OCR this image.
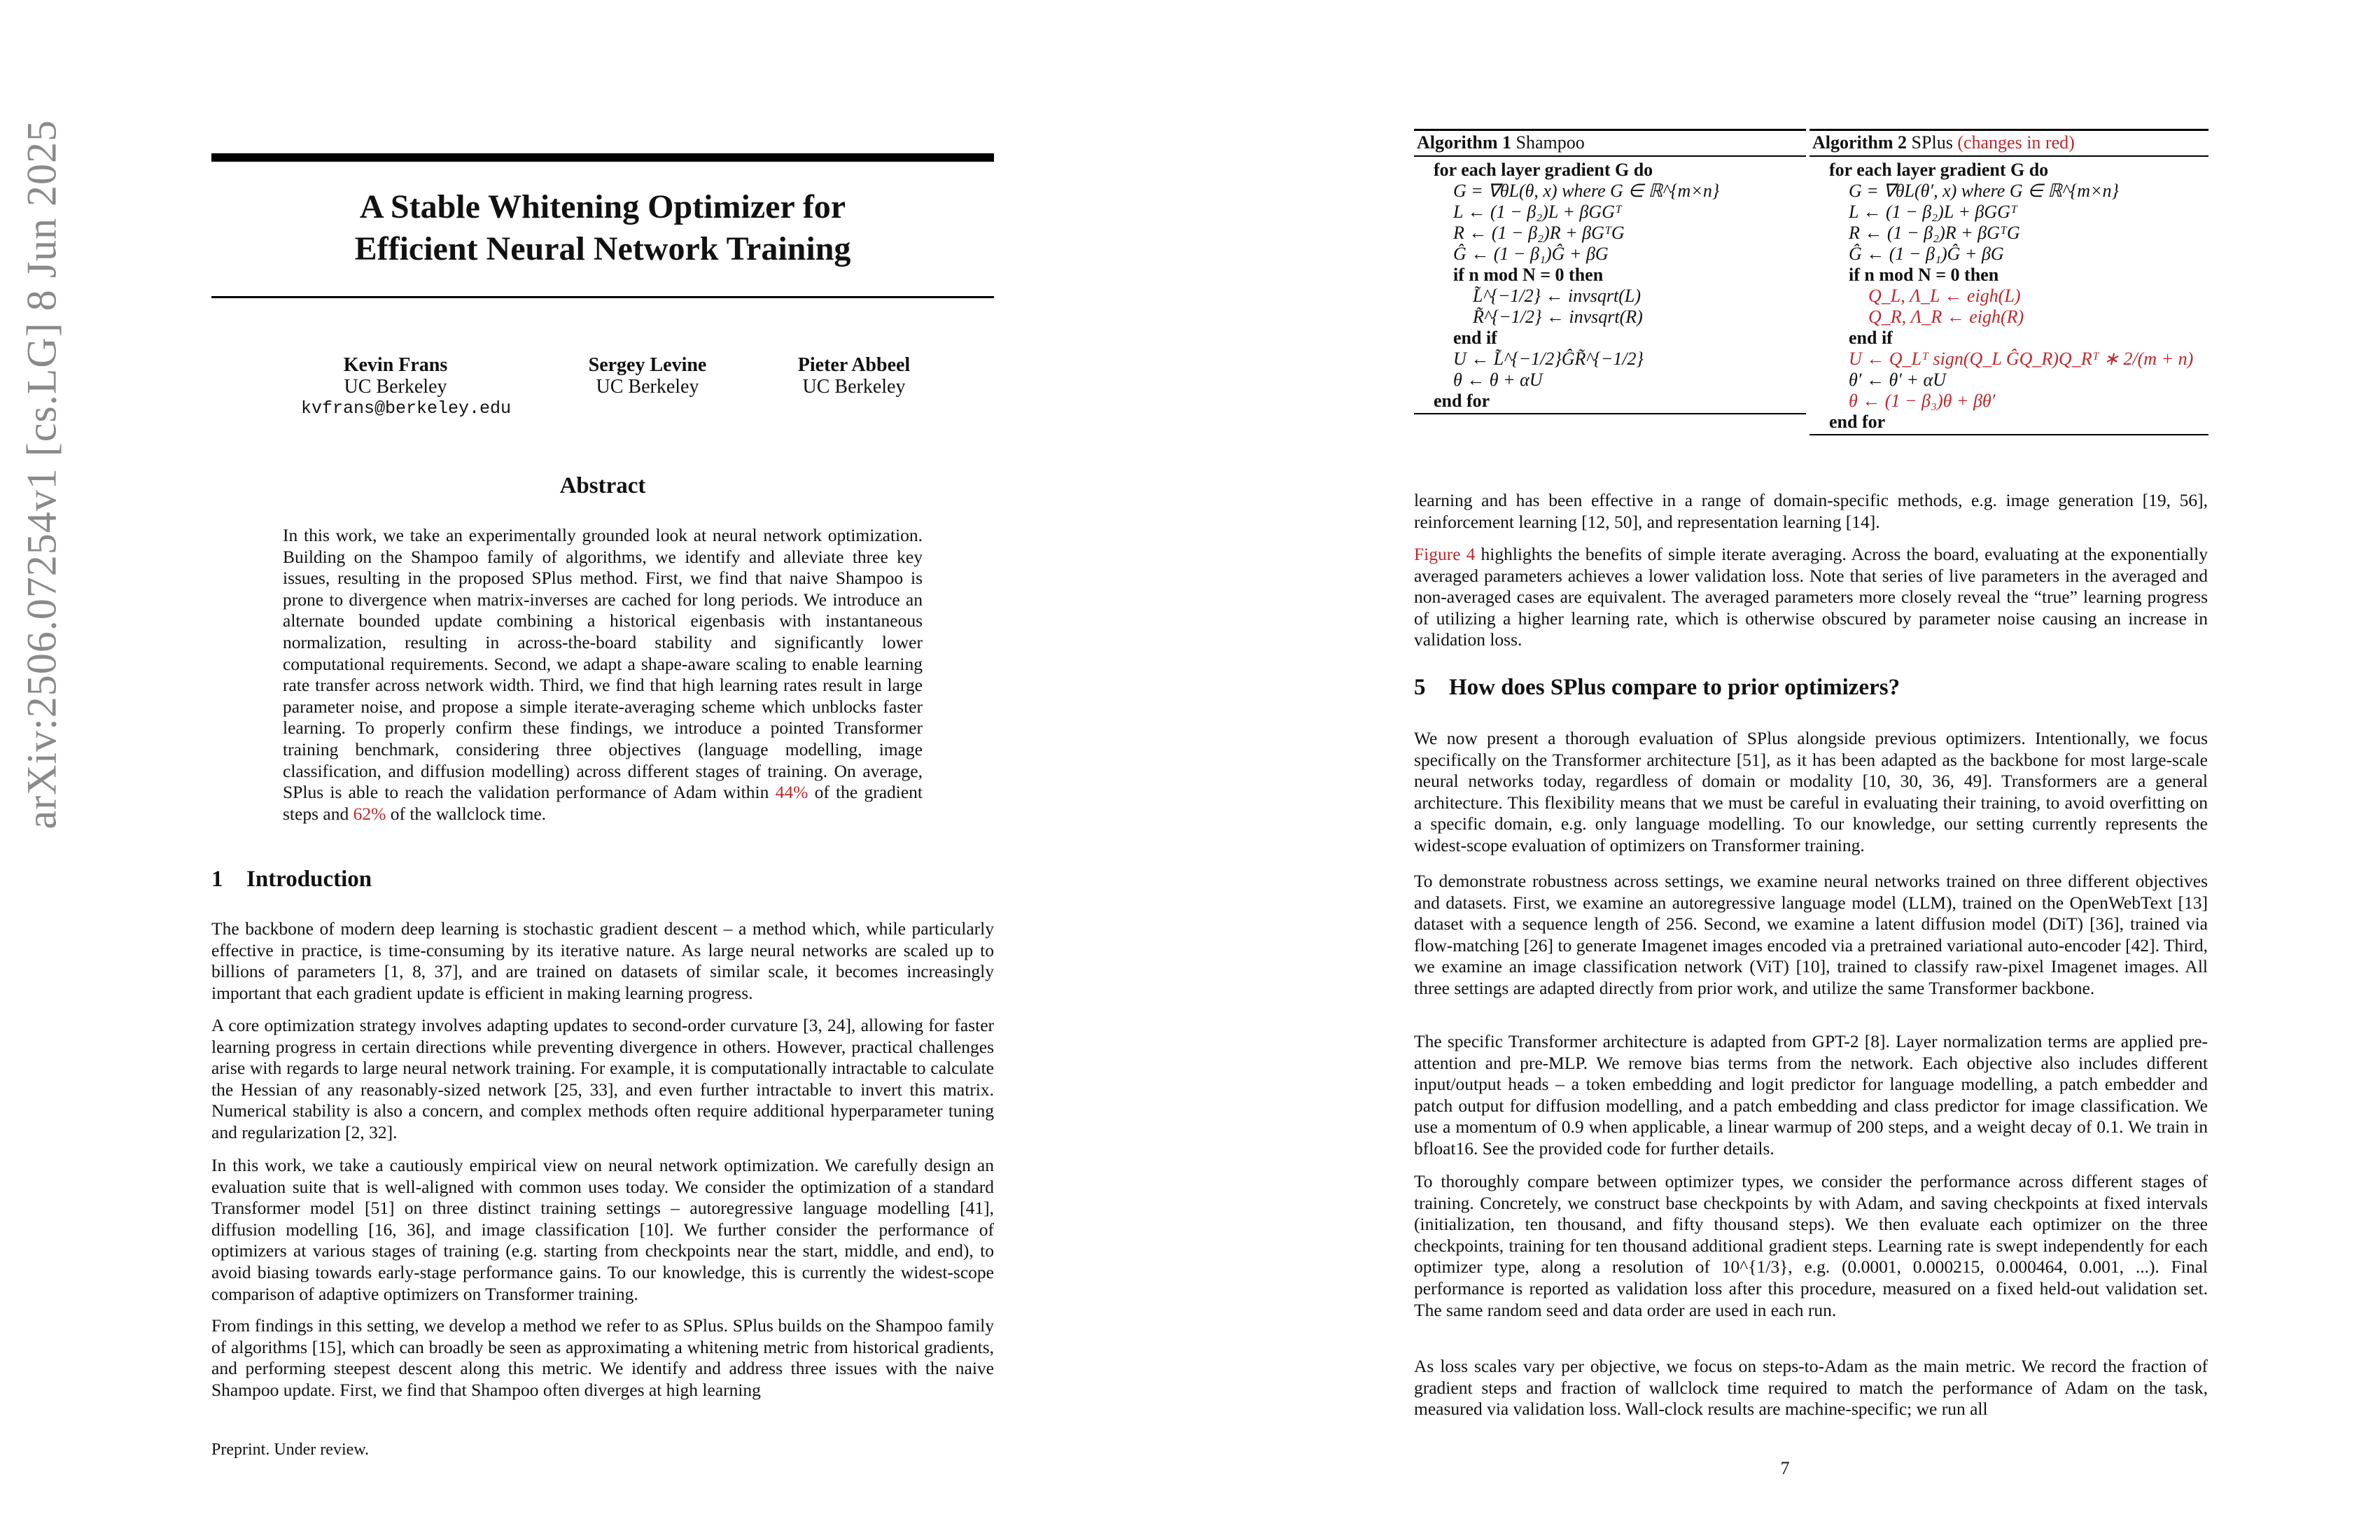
arXiv:2506.07254v1 [cs.LG] 8 Jun 2025	A Stable Whitening Optimizer for
Efficient Neural Network Training
Kevin Frans
UC Berkeley
kvfrans@berkeley.edu
Sergey Levine
UC Berkeley
Pieter Abbeel
UC Berkeley
Abstract
In this work, we take an experimentally grounded look at neural network optimization. Building on the Shampoo family of algorithms, we identify and alleviate three key issues, resulting in the proposed SPlus method. First, we find that naive Shampoo is prone to divergence when matrix-inverses are cached for long periods. We introduce an alternate bounded update combining a historical eigenbasis with instantaneous normalization, resulting in across-the-board stability and significantly lower computational requirements. Second, we adapt a shape-aware scaling to enable learning rate transfer across network width. Third, we find that high learning rates result in large parameter noise, and propose a simple iterate-averaging scheme which unblocks faster learning. To properly confirm these findings, we introduce a pointed Transformer training benchmark, considering three objectives (language modelling, image classification, and diffusion modelling) across different stages of training. On average, SPlus is able to reach the validation performance of Adam within 44% of the gradient steps and 62% of the wallclock time.
1 Introduction
The backbone of modern deep learning is stochastic gradient descent – a method which, while particularly effective in practice, is time-consuming by its iterative nature. As large neural networks are scaled up to billions of parameters [1, 8, 37], and are trained on datasets of similar scale, it becomes increasingly important that each gradient update is efficient in making learning progress.
A core optimization strategy involves adapting updates to second-order curvature [3, 24], allowing for faster learning progress in certain directions while preventing divergence in others. However, practical challenges arise with regards to large neural network training. For example, it is computationally intractable to calculate the Hessian of any reasonably-sized network [25, 33], and even further intractable to invert this matrix. Numerical stability is also a concern, and complex methods often require additional hyperparameter tuning and regularization [2, 32].
In this work, we take a cautiously empirical view on neural network optimization. We carefully design an evaluation suite that is well-aligned with common uses today. We consider the optimization of a standard Transformer model [51] on three distinct training settings – autoregressive language modelling [41], diffusion modelling [16, 36], and image classification [10]. We further consider the performance of optimizers at various stages of training (e.g. starting from checkpoints near the start, middle, and end), to avoid biasing towards early-stage performance gains. To our knowledge, this is currently the widest-scope comparison of adaptive optimizers on Transformer training.
From findings in this setting, we develop a method we refer to as SPlus. SPlus builds on the Shampoo family of algorithms [15], which can broadly be seen as approximating a whitening metric from historical gradients, and performing steepest descent along this metric. We identify and address three issues with the naive Shampoo update. First, we find that Shampoo often diverges at high learning
Preprint. Under review.
Algorithm 1 Shampoo
for each layer gradient G do
G = ∇θL(θ, x) where G ∈ ℝ^{m×n}
L ← (1 − β₂)L + βGGᵀ
R ← (1 − β₂)R + βGᵀG
Ĝ ← (1 − β₁)Ĝ + βG
if n mod N = 0 then
L̃^{−1/2} ← invsqrt(L)
R̃^{−1/2} ← invsqrt(R)
end if
U ← L̃^{−1/2}ĜR̃^{−1/2}
θ ← θ + αU
end for
Algorithm 2 SPlus (changes in red)
for each layer gradient G do
G = ∇θL(θ′, x) where G ∈ ℝ^{m×n}
L ← (1 − β₂)L + βGGᵀ
R ← (1 − β₂)R + βGᵀG
Ĝ ← (1 − β₁)Ĝ + βG
if n mod N = 0 then
Q_L, Λ_L ← eigh(L)
Q_R, Λ_R ← eigh(R)
end if
U ← Q_Lᵀ sign(Q_L ĜQ_R)Q_Rᵀ ∗ 2/(m + n)
θ′ ← θ′ + αU
θ ← (1 − β₃)θ + βθ′
end for
learning and has been effective in a range of domain-specific methods, e.g. image generation [19, 56], reinforcement learning [12, 50], and representation learning [14].
Figure 4 highlights the benefits of simple iterate averaging. Across the board, evaluating at the exponentially averaged parameters achieves a lower validation loss. Note that series of live parameters in the averaged and non-averaged cases are equivalent. The averaged parameters more closely reveal the “true” learning progress of utilizing a higher learning rate, which is otherwise obscured by parameter noise causing an increase in validation loss.
5 How does SPlus compare to prior optimizers?
We now present a thorough evaluation of SPlus alongside previous optimizers. Intentionally, we focus specifically on the Transformer architecture [51], as it has been adapted as the backbone for most large-scale neural networks today, regardless of domain or modality [10, 30, 36, 49]. Transformers are a general architecture. This flexibility means that we must be careful in evaluating their training, to avoid overfitting on a specific domain, e.g. only language modelling. To our knowledge, our setting currently represents the widest-scope evaluation of optimizers on Transformer training.
To demonstrate robustness across settings, we examine neural networks trained on three different objectives and datasets. First, we examine an autoregressive language model (LLM), trained on the OpenWebText [13] dataset with a sequence length of 256. Second, we examine a latent diffusion model (DiT) [36], trained via flow-matching [26] to generate Imagenet images encoded via a pretrained variational auto-encoder [42]. Third, we examine an image classification network (ViT) [10], trained to classify raw-pixel Imagenet images. All three settings are adapted directly from prior work, and utilize the same Transformer backbone.
The specific Transformer architecture is adapted from GPT-2 [8]. Layer normalization terms are applied pre-attention and pre-MLP. We remove bias terms from the network. Each objective also includes different input/output heads – a token embedding and logit predictor for language modelling, a patch embedder and patch output for diffusion modelling, and a patch embedding and class predictor for image classification. We use a momentum of 0.9 when applicable, a linear warmup of 200 steps, and a weight decay of 0.1. We train in bfloat16. See the provided code for further details.
To thoroughly compare between optimizer types, we consider the performance across different stages of training. Concretely, we construct base checkpoints by with Adam, and saving checkpoints at fixed intervals (initialization, ten thousand, and fifty thousand steps). We then evaluate each optimizer on the three checkpoints, training for ten thousand additional gradient steps. Learning rate is swept independently for each optimizer type, along a resolution of 10^{1/3}, e.g. (0.0001, 0.000215, 0.000464, 0.001, ...). Final performance is reported as validation loss after this procedure, measured on a fixed held-out validation set. The same random seed and data order are used in each run.
As loss scales vary per objective, we focus on steps-to-Adam as the main metric. We record the fraction of gradient steps and fraction of wallclock time required to match the performance of Adam on the task, measured via validation loss. Wall-clock results are machine-specific; we run all
7
